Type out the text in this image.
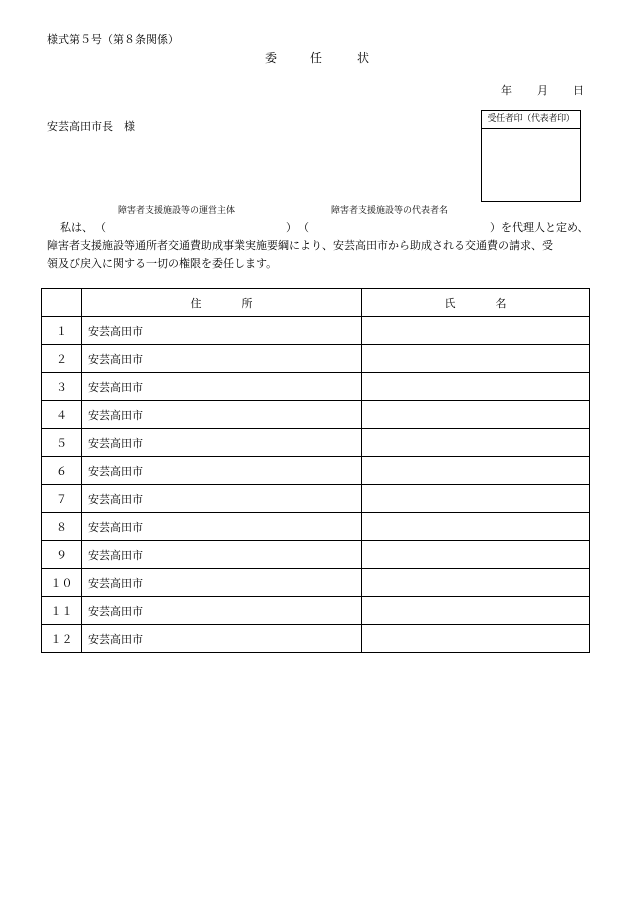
様式第５号（第８条関係）
委	任	状
年 月 日
安芸高田市長　様
受任者印（代表者印）
障害者支援施設等の運営主体	障害者支援施設等の代表者名
私は、 （	） （	）を代理人と定め、
障害者支援施設等通所者交通費助成事業実施要綱により、安芸高田市から助成される交通費の請求、受
領及び戻入に関する一切の権限を委任します。
	住 所	氏 名
１	安芸高田市	
２	安芸高田市	
３	安芸高田市	
４	安芸高田市	
５	安芸高田市	
６	安芸高田市	
７	安芸高田市	
８	安芸高田市	
９	安芸高田市	
１０	安芸高田市	
１１	安芸高田市	
１２	安芸高田市	
